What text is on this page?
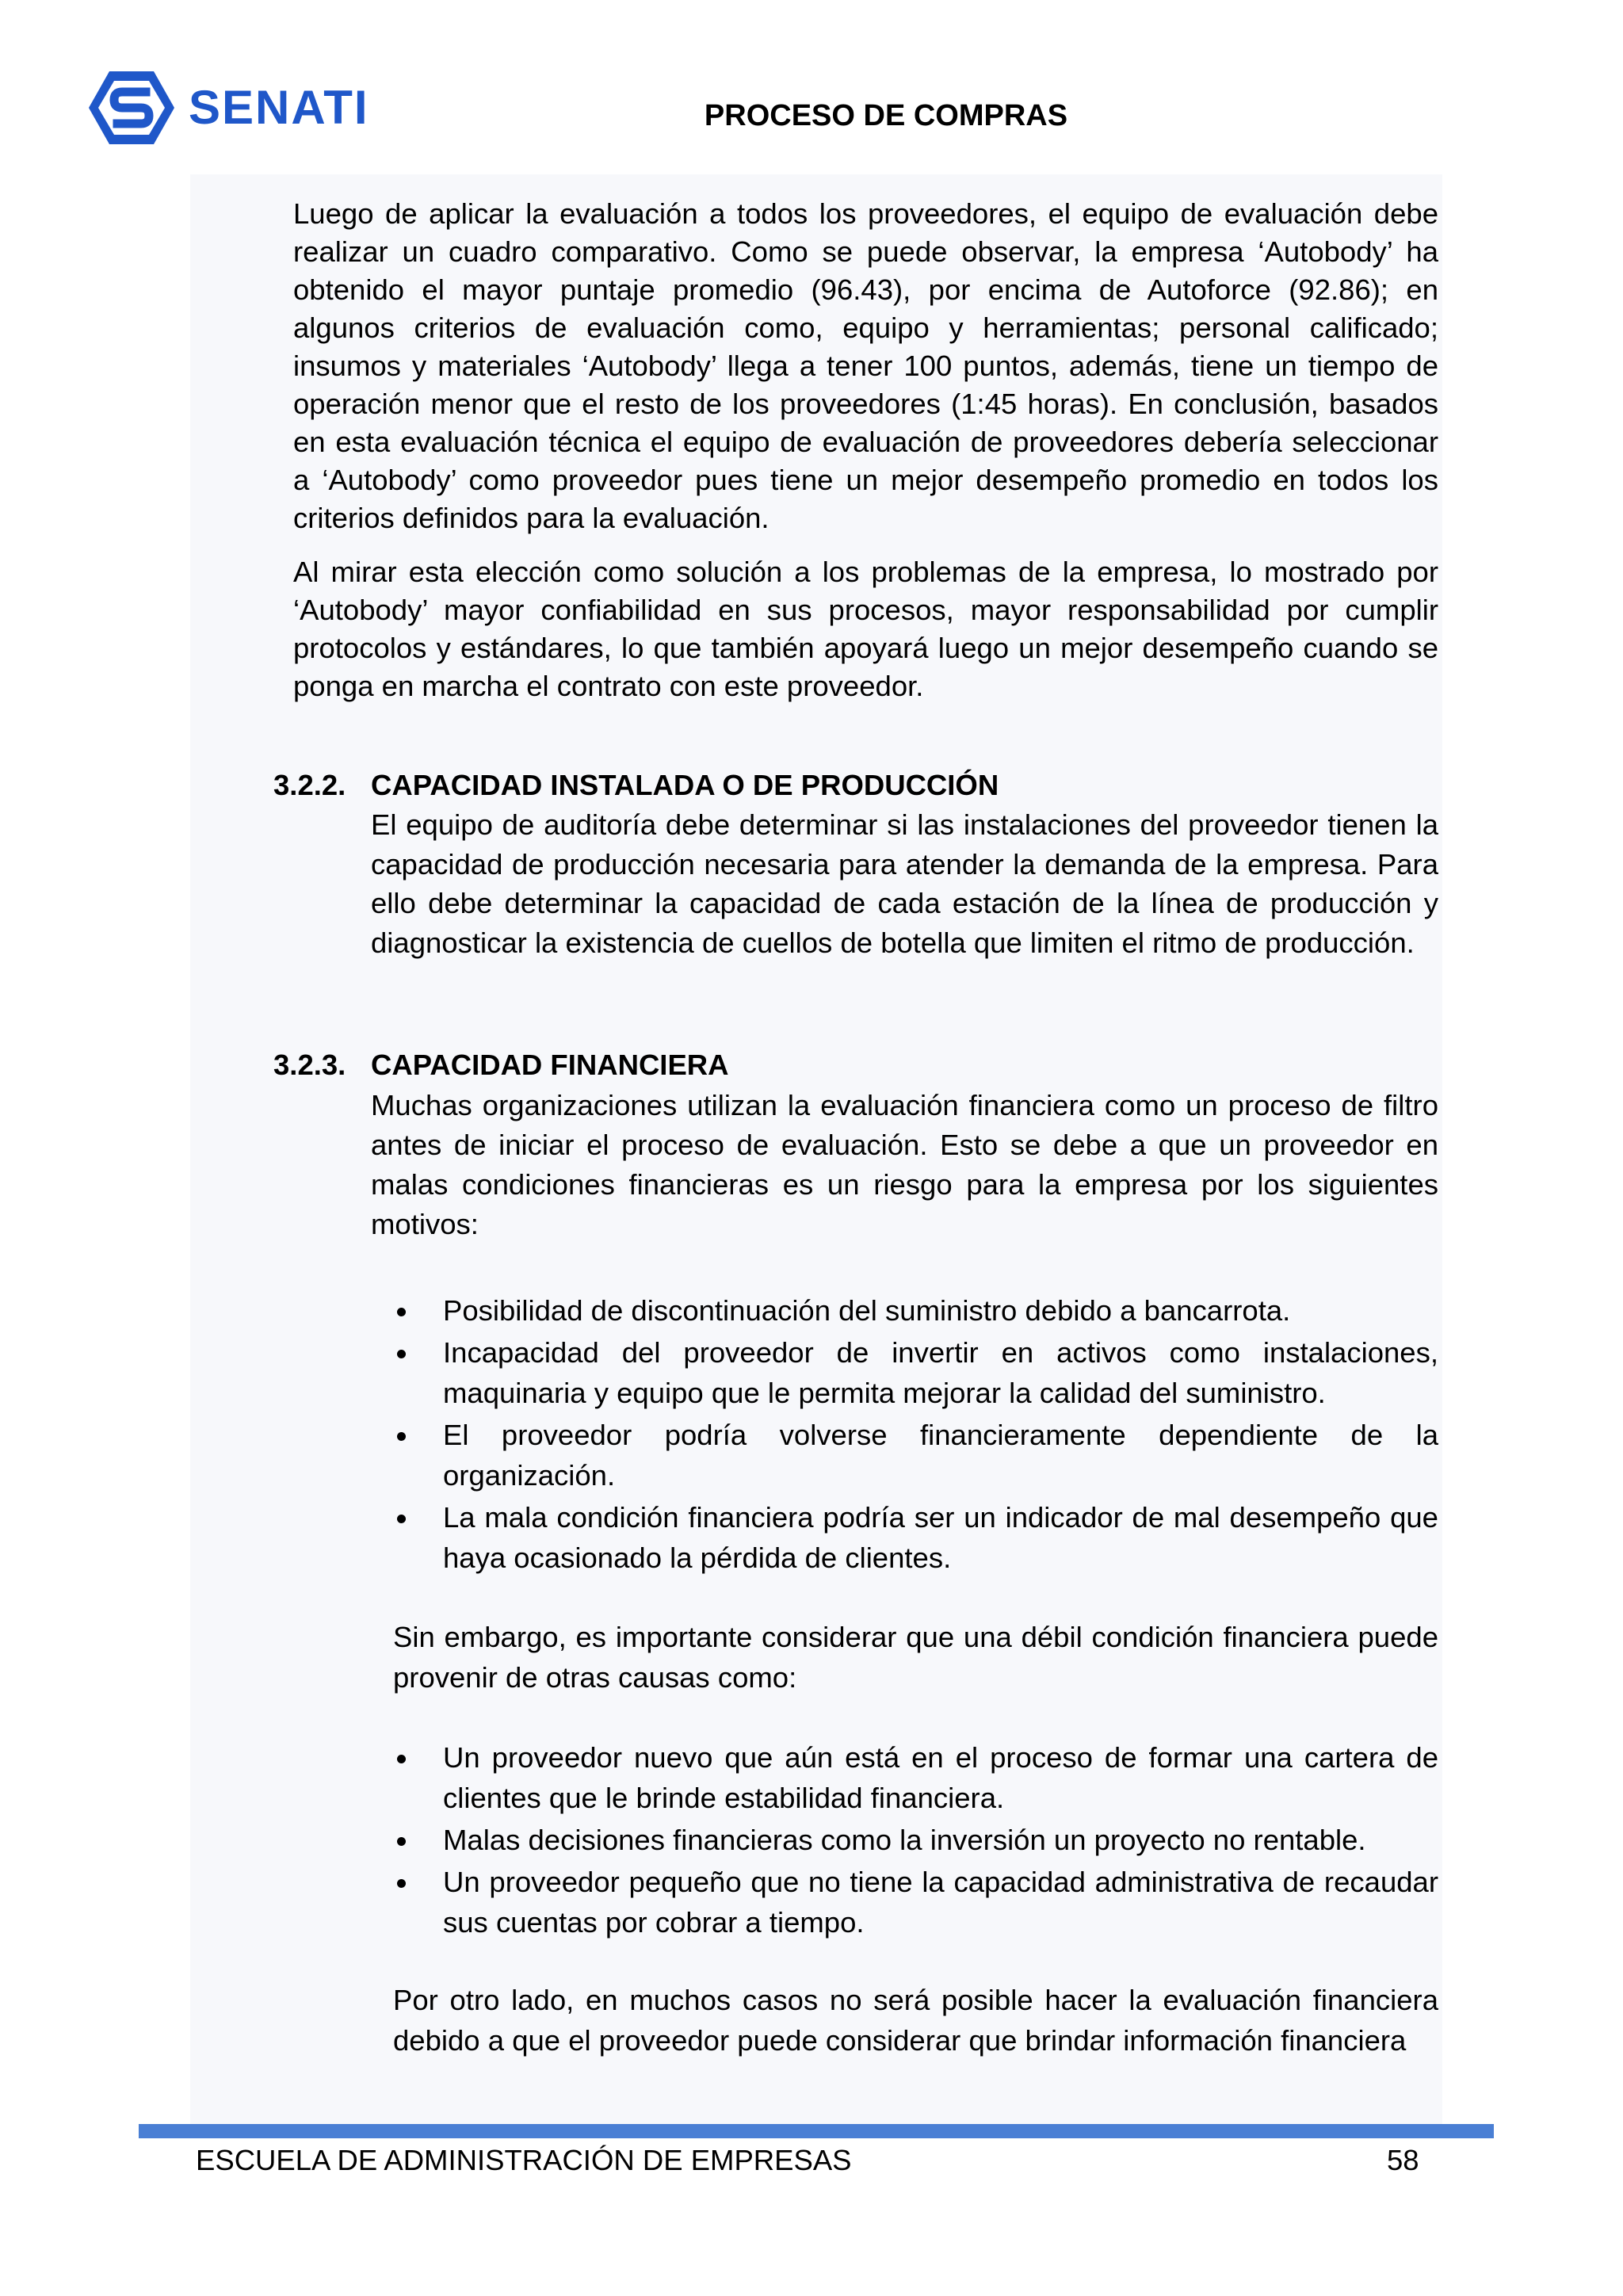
SENATI	PROCESO DE COMPRAS

Luego de aplicar la evaluación a todos los proveedores, el equipo de evaluación debe realizar un cuadro comparativo. Como se puede observar, la empresa ‘Autobody’ ha obtenido el mayor puntaje promedio (96.43), por encima de Autoforce (92.86); en algunos criterios de evaluación como, equipo y herramientas; personal calificado; insumos y materiales ‘Autobody’ llega a tener 100 puntos, además, tiene un tiempo de operación menor que el resto de los proveedores (1:45 horas). En conclusión, basados en esta evaluación técnica el equipo de evaluación de proveedores debería seleccionar a ‘Autobody’ como proveedor pues tiene un mejor desempeño promedio en todos los criterios definidos para la evaluación.

Al mirar esta elección como solución a los problemas de la empresa, lo mostrado por ‘Autobody’ mayor confiabilidad en sus procesos, mayor responsabilidad por cumplir protocolos y estándares, lo que también apoyará luego un mejor desempeño cuando se ponga en marcha el contrato con este proveedor.

3.2.2. CAPACIDAD INSTALADA O DE PRODUCCIÓN

El equipo de auditoría debe determinar si las instalaciones del proveedor tienen la capacidad de producción necesaria para atender la demanda de la empresa. Para ello debe determinar la capacidad de cada estación de la línea de producción y diagnosticar la existencia de cuellos de botella que limiten el ritmo de producción.

3.2.3. CAPACIDAD FINANCIERA

Muchas organizaciones utilizan la evaluación financiera como un proceso de filtro antes de iniciar el proceso de evaluación. Esto se debe a que un proveedor en malas condiciones financieras es un riesgo para la empresa por los siguientes motivos:

Posibilidad de discontinuación del suministro debido a bancarrota.
Incapacidad del proveedor de invertir en activos como instalaciones, maquinaria y equipo que le permita mejorar la calidad del suministro.
El proveedor podría volverse financieramente dependiente de la organización.
La mala condición financiera podría ser un indicador de mal desempeño que haya ocasionado la pérdida de clientes.

Sin embargo, es importante considerar que una débil condición financiera puede provenir de otras causas como:

Un proveedor nuevo que aún está en el proceso de formar una cartera de clientes que le brinde estabilidad financiera.
Malas decisiones financieras como la inversión un proyecto no rentable.
Un proveedor pequeño que no tiene la capacidad administrativa de recaudar sus cuentas por cobrar a tiempo.

Por otro lado, en muchos casos no será posible hacer la evaluación financiera debido a que el proveedor puede considerar que brindar información financiera

ESCUELA DE ADMINISTRACIÓN DE EMPRESAS	58
